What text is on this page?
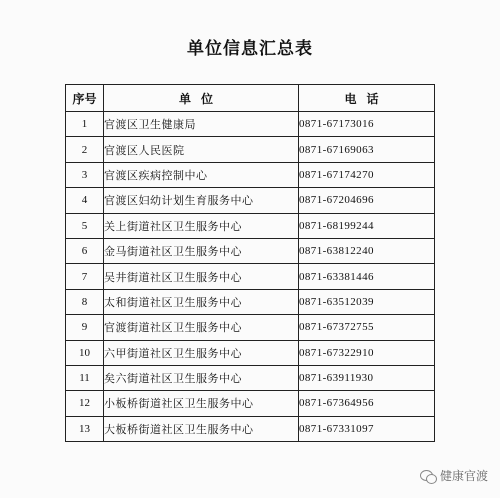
单位信息汇总表
序号	单位	电话
1	官渡区卫生健康局	0871-67173016
2	官渡区人民医院	0871-67169063
3	官渡区疾病控制中心	0871-67174270
4	官渡区妇幼计划生育服务中心	0871-67204696
5	关上街道社区卫生服务中心	0871-68199244
6	金马街道社区卫生服务中心	0871-63812240
7	吴井街道社区卫生服务中心	0871-63381446
8	太和街道社区卫生服务中心	0871-63512039
9	官渡街道社区卫生服务中心	0871-67372755
10	六甲街道社区卫生服务中心	0871-67322910
11	矣六街道社区卫生服务中心	0871-63911930
12	小板桥街道社区卫生服务中心	0871-67364956
13	大板桥街道社区卫生服务中心	0871-67331097
健康官渡
